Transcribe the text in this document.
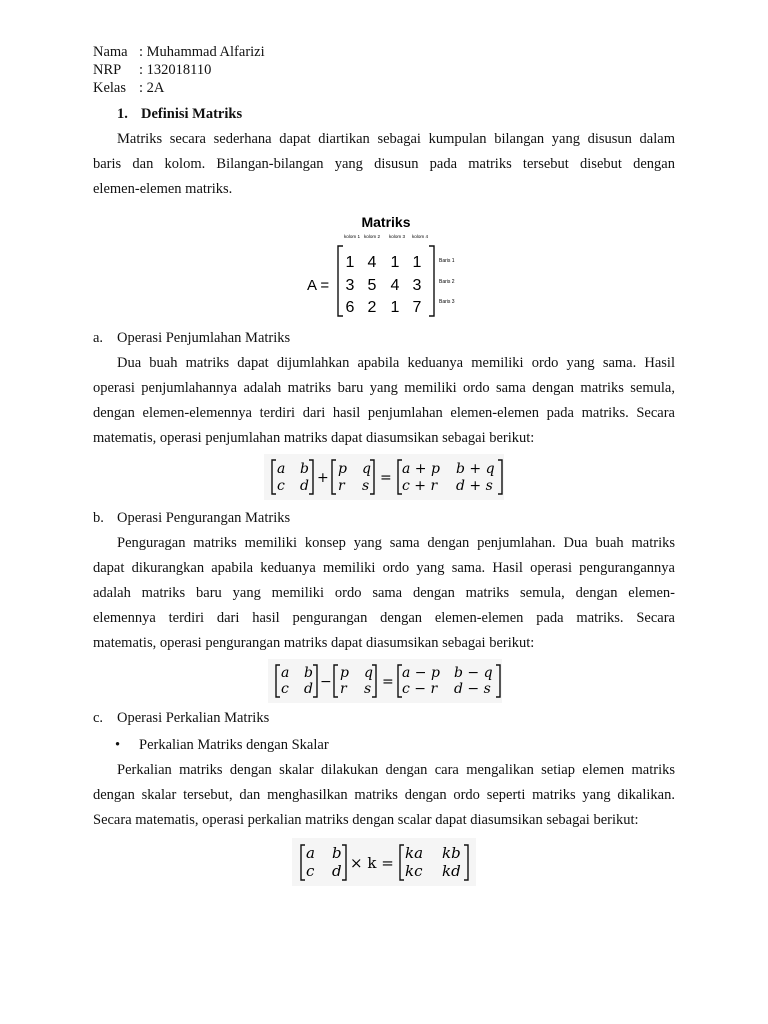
Nama : Muhammad Alfarizi
NRP : 132018110
Kelas : 2A
1. Definisi Matriks
Matriks secara sederhana dapat diartikan sebagai kumpulan bilangan yang disusun dalam
baris dan kolom. Bilangan-bilangan yang disusun pada matriks tersebut disebut dengan
elemen-elemen matriks.
Matriks
kolom 1 kolom 2 kolom 3 kolom 4
A =
1 4 1 1
3 5 4 3
6 2 1 7
Baris 1
Baris 2
Baris 3
a. Operasi Penjumlahan Matriks
Dua buah matriks dapat dijumlahkan apabila keduanya memiliki ordo yang sama. Hasil
operasi penjumlahannya adalah matriks baru yang memiliki ordo sama dengan matriks semula,
dengan elemen-elemennya terdiri dari hasil penjumlahan elemen-elemen pada matriks. Secara
matematis, operasi penjumlahan matriks dapat diasumsikan sebagai berikut:
a b
c d +
p q
r s =
a + p b + q
c + r d + s
b. Operasi Pengurangan Matriks
Penguragan matriks memiliki konsep yang sama dengan penjumlahan. Dua buah matriks
dapat dikurangkan apabila keduanya memiliki ordo yang sama. Hasil operasi pengurangannya
adalah matriks baru yang memiliki ordo sama dengan matriks semula, dengan elemen-
elemennya terdiri dari hasil pengurangan dengan elemen-elemen pada matriks. Secara
matematis, operasi pengurangan matriks dapat diasumsikan sebagai berikut:
a b
c d −
p q
r s =
a − p b − q
c − r d − s
c. Operasi Perkalian Matriks
• Perkalian Matriks dengan Skalar
Perkalian matriks dengan skalar dilakukan dengan cara mengalikan setiap elemen matriks
dengan skalar tersebut, dan menghasilkan matriks dengan ordo seperti matriks yang dikalikan.
Secara matematis, operasi perkalian matriks dengan scalar dapat diasumsikan sebagai berikut:
a b
c d × k =
ka kb
kc kd
